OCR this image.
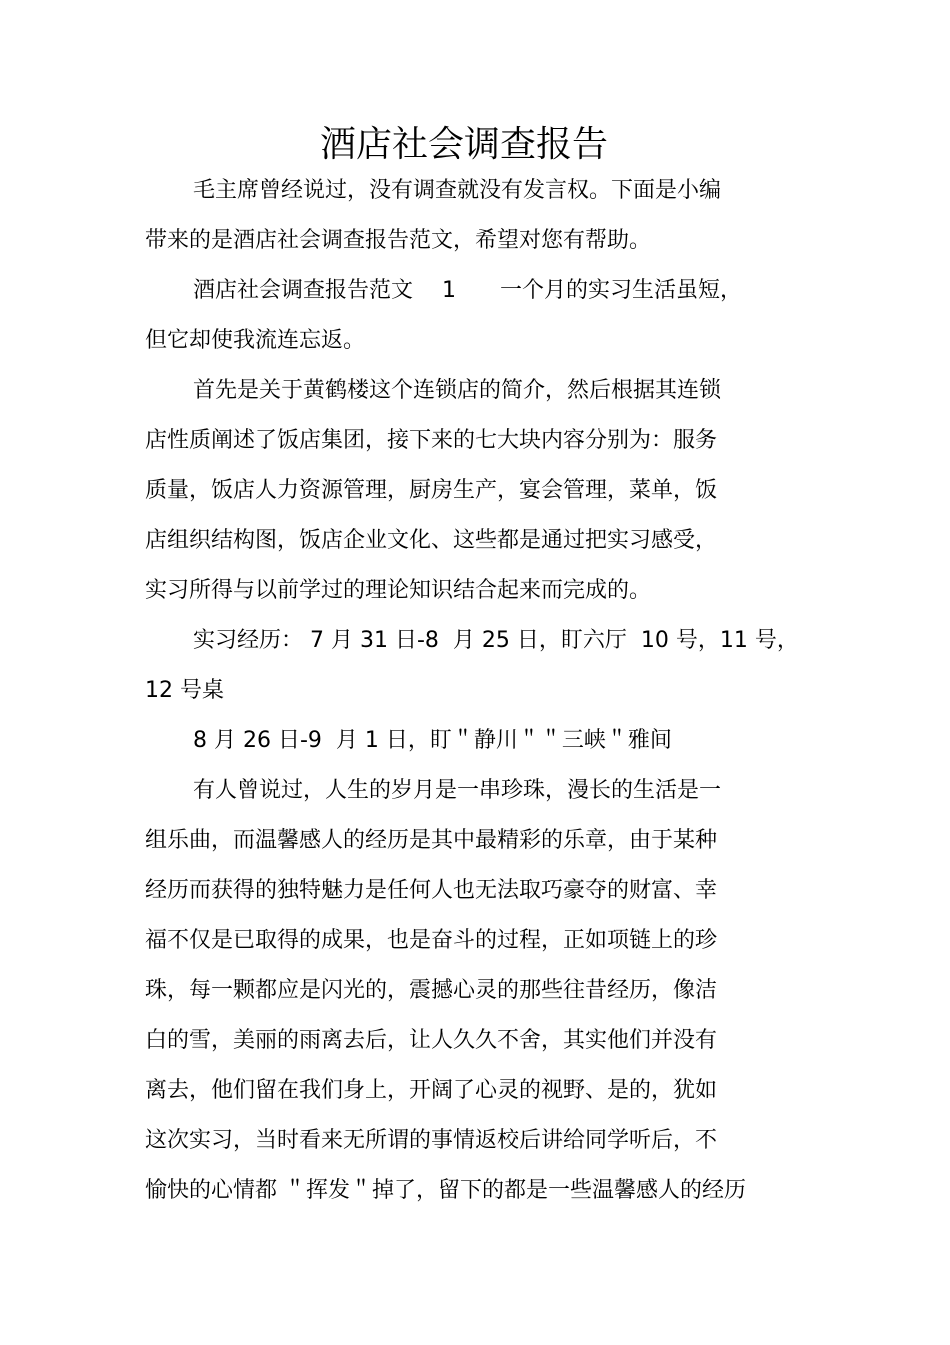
酒店社会调查报告
毛主席曾经说过，没有调查就没有发言权。下面是小编
带来的是酒店社会调查报告范文，希望对您有帮助。
酒店社会调查报告范文　 1　　一个月的实习生活虽短，
但它却使我流连忘返。
首先是关于黄鹤楼这个连锁店的简介，然后根据其连锁
店性质阐述了饭店集团，接下来的七大块内容分别为：服务
质量，饭店人力资源管理，厨房生产，宴会管理，菜单，饭
店组织结构图，饭店企业文化、这些都是通过把实习感受，
实习所得与以前学过的理论知识结合起来而完成的。
实习经历： 7 月 31 日-8  月 25 日，盯六厅  10 号，11 号，
12 号桌
8 月 26 日-9  月 1 日，盯＂静川＂＂三峡＂雅间
有人曾说过，人生的岁月是一串珍珠，漫长的生活是一
组乐曲，而温馨感人的经历是其中最精彩的乐章，由于某种
经历而获得的独特魅力是任何人也无法取巧豪夺的财富、幸
福不仅是已取得的成果，也是奋斗的过程，正如项链上的珍
珠，每一颗都应是闪光的，震撼心灵的那些往昔经历，像洁
白的雪，美丽的雨离去后，让人久久不舍，其实他们并没有
离去，他们留在我们身上，开阔了心灵的视野、是的，犹如
这次实习，当时看来无所谓的事情返校后讲给同学听后，不
愉快的心情都 ＂挥发＂掉了，留下的都是一些温馨感人的经历
